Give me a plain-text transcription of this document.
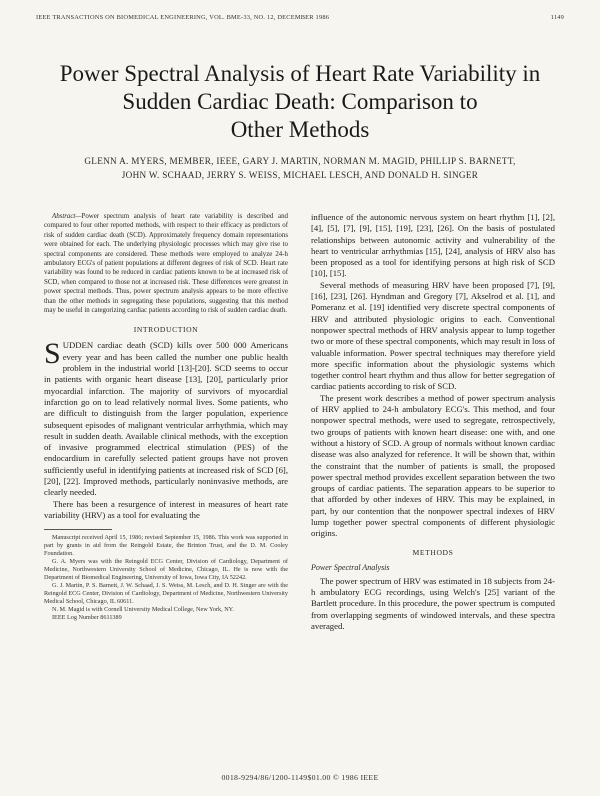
IEEE TRANSACTIONS ON BIOMEDICAL ENGINEERING, VOL. BME-33, NO. 12, DECEMBER 1986	1149
Power Spectral Analysis of Heart Rate Variability in
Sudden Cardiac Death: Comparison to
Other Methods
GLENN A. MYERS, MEMBER, IEEE, GARY J. MARTIN, NORMAN M. MAGID, PHILLIP S. BARNETT,
JOHN W. SCHAAD, JERRY S. WEISS, MICHAEL LESCH, AND DONALD H. SINGER

Abstract—Power spectrum analysis of heart rate variability is described and compared to four other reported methods, with respect to their efficacy as predictors of risk of sudden cardiac death (SCD). Approximately frequency domain representations were obtained for each. The underlying physiologic processes which may give rise to spectral components are considered. These methods were employed to analyze 24-h ambulatory ECG's of patient populations at different degrees of risk of SCD. Heart rate variability was found to be reduced in cardiac patients known to be at increased risk of SCD, when compared to those not at increased risk. These differences were greatest in power spectral methods. Thus, power spectrum analysis appears to be more effective than the other methods in segregating these populations, suggesting that this method may be useful in categorizing cardiac patients according to risk of sudden cardiac death.

INTRODUCTION

SUDDEN cardiac death (SCD) kills over 500 000 Americans every year and has been called the number one public health problem in the industrial world [13]-[20]. SCD seems to occur in patients with organic heart disease [13], [20], particularly prior myocardial infarction. The majority of survivors of myocardial infarction go on to lead relatively normal lives. Some patients, who are difficult to distinguish from the larger population, experience subsequent episodes of malignant ventricular arrhythmia, which may result in sudden death. Available clinical methods, with the exception of invasive programmed electrical stimulation (PES) of the endocardium in carefully selected patient groups have not proven sufficiently useful in identifying patients at increased risk of SCD [6], [20], [22]. Improved methods, particularly noninvasive methods, are clearly needed.

There has been a resurgence of interest in measures of heart rate variability (HRV) as a tool for evaluating the

Manuscript received April 15, 1986; revised September 15, 1986. This work was supported in part by grants in aid from the Reingold Estate, the Brinton Trust, and the D. M. Cooley Foundation.

G. A. Myers was with the Reingold ECG Center, Division of Cardiology, Department of Medicine, Northwestern University School of Medicine, Chicago, IL. He is now with the Department of Biomedical Engineering, University of Iowa, Iowa City, IA 52242.

G. J. Martin, P. S. Barnett, J. W. Schaad, J. S. Weiss, M. Lesch, and D. H. Singer are with the Reingold ECG Center, Division of Cardiology, Department of Medicine, Northwestern University Medical School, Chicago, IL 60611.

N. M. Magid is with Cornell University Medical College, New York, NY.

IEEE Log Number 8611389

influence of the autonomic nervous system on heart rhythm [1], [2], [4], [5], [7], [9], [15], [19], [23], [26]. On the basis of postulated relationships between autonomic activity and vulnerability of the heart to ventricular arrhythmias [15], [24], analysis of HRV also has been proposed as a tool for identifying persons at high risk of SCD [10], [15].

Several methods of measuring HRV have been proposed [7], [9], [16], [23], [26]. Hyndman and Gregory [7], Akselrod et al. [1], and Pomeranz et al. [19] identified very discrete spectral components of HRV and attributed physiologic origins to each. Conventional nonpower spectral methods of HRV analysis appear to lump together two or more of these spectral components, which may result in loss of valuable information. Power spectral techniques may therefore yield more specific information about the physiologic systems which together control heart rhythm and thus allow for better segregation of cardiac patients according to risk of SCD.

The present work describes a method of power spectrum analysis of HRV applied to 24-h ambulatory ECG's. This method, and four nonpower spectral methods, were used to segregate, retrospectively, two groups of patients with known heart disease: one with, and one without a history of SCD. A group of normals without known cardiac disease was also analyzed for reference. It will be shown that, within the constraint that the number of patients is small, the proposed power spectral method provides excellent separation between the two groups of cardiac patients. The separation appears to be superior to that afforded by other indexes of HRV. This may be explained, in part, by our contention that the nonpower spectral indexes of HRV lump together power spectral components of different physiologic origins.

METHODS
Power Spectral Analysis

The power spectrum of HRV was estimated in 18 subjects from 24-h ambulatory ECG recordings, using Welch's [25] variant of the Bartlett procedure. In this procedure, the power spectrum is computed from overlapping segments of windowed intervals, and these spectra averaged.

0018-9294/86/1200-1149$01.00 © 1986 IEEE
